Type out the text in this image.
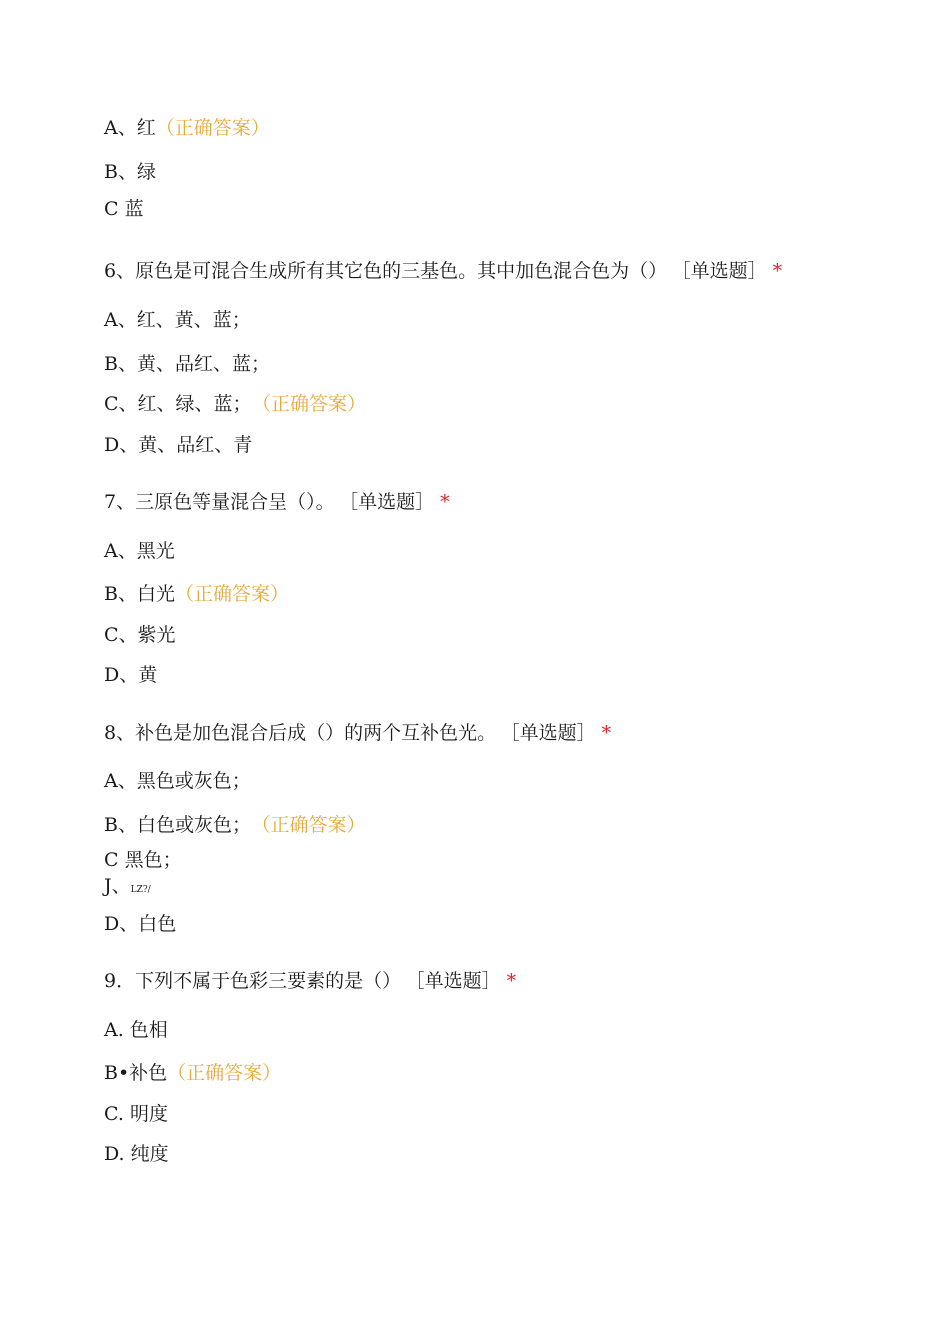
A、红（正确答案）
B、绿
C 蓝
6、原色是可混合生成所有其它色的三基色。其中加色混合色为（） ［单选题］ *
A、红、黄、蓝；
B、黄、品红、蓝；
C、红、绿、蓝； （正确答案）
D、黄、品红、青
7、三原色等量混合呈（）。 ［单选题］ *
A、黑光
B、白光（正确答案）
C、紫光
D、黄
8、补色是加色混合后成（）的两个互补色光。 ［单选题］ *
A、黑色或灰色；
B、白色或灰色； （正确答案）
C 黑色；
J、LZ?/
D、白色
9．下列不属于色彩三要素的是（） ［单选题］ *
A. 色相
B•补色（正确答案）
C. 明度
D. 纯度
